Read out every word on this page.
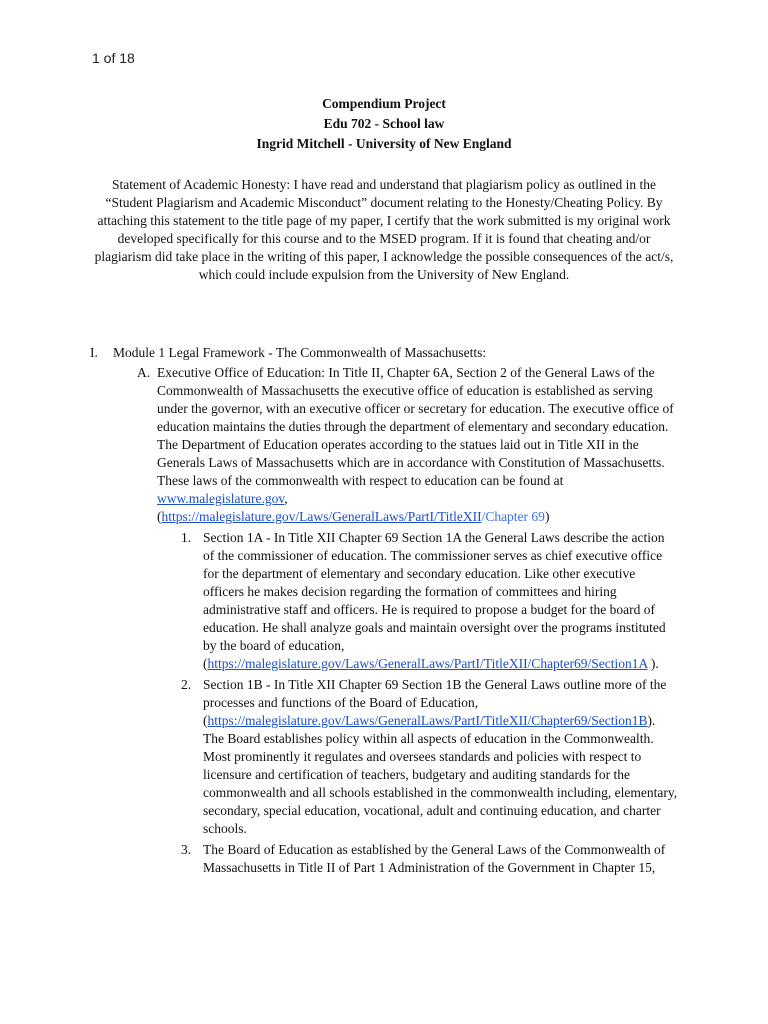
1 of 18
Compendium Project
Edu 702 - School law
Ingrid Mitchell - University of New England
Statement of Academic Honesty: I have read and understand that plagiarism policy as outlined in the “Student Plagiarism and Academic Misconduct” document relating to the Honesty/Cheating Policy. By attaching this statement to the title page of my paper, I certify that the work submitted is my original work developed specifically for this course and to the MSED program. If it is found that cheating and/or plagiarism did take place in the writing of this paper, I acknowledge the possible consequences of the act/s, which could include expulsion from the University of New England.
I. Module 1 Legal Framework - The Commonwealth of Massachusetts:
A. Executive Office of Education: In Title II, Chapter 6A, Section 2 of the General Laws of the Commonwealth of Massachusetts the executive office of education is established as serving under the governor, with an executive officer or secretary for education. The executive office of education maintains the duties through the department of elementary and secondary education. The Department of Education operates according to the statues laid out in Title XII in the Generals Laws of Massachusetts which are in accordance with Constitution of Massachusetts. These laws of the commonwealth with respect to education can be found at
www.malegislature.gov,
(https://malegislature.gov/Laws/GeneralLaws/PartI/TitleXII/Chapter 69)
1. Section 1A - In Title XII Chapter 69 Section 1A the General Laws describe the action of the commissioner of education. The commissioner serves as chief executive office for the department of elementary and secondary education. Like other executive officers he makes decision regarding the formation of committees and hiring administrative staff and officers. He is required to propose a budget for the board of education. He shall analyze goals and maintain oversight over the programs instituted by the board of education,
(https://malegislature.gov/Laws/GeneralLaws/PartI/TitleXII/Chapter69/Section1A ).
2. Section 1B - In Title XII Chapter 69 Section 1B the General Laws outline more of the processes and functions of the Board of Education,
(https://malegislature.gov/Laws/GeneralLaws/PartI/TitleXII/Chapter69/Section1B). The Board establishes policy within all aspects of education in the Commonwealth. Most prominently it regulates and oversees standards and policies with respect to licensure and certification of teachers, budgetary and auditing standards for the commonwealth and all schools established in the commonwealth including, elementary, secondary, special education, vocational, adult and continuing education, and charter schools.
3. The Board of Education as established by the General Laws of the Commonwealth of Massachusetts in Title II of Part 1 Administration of the Government in Chapter 15,
